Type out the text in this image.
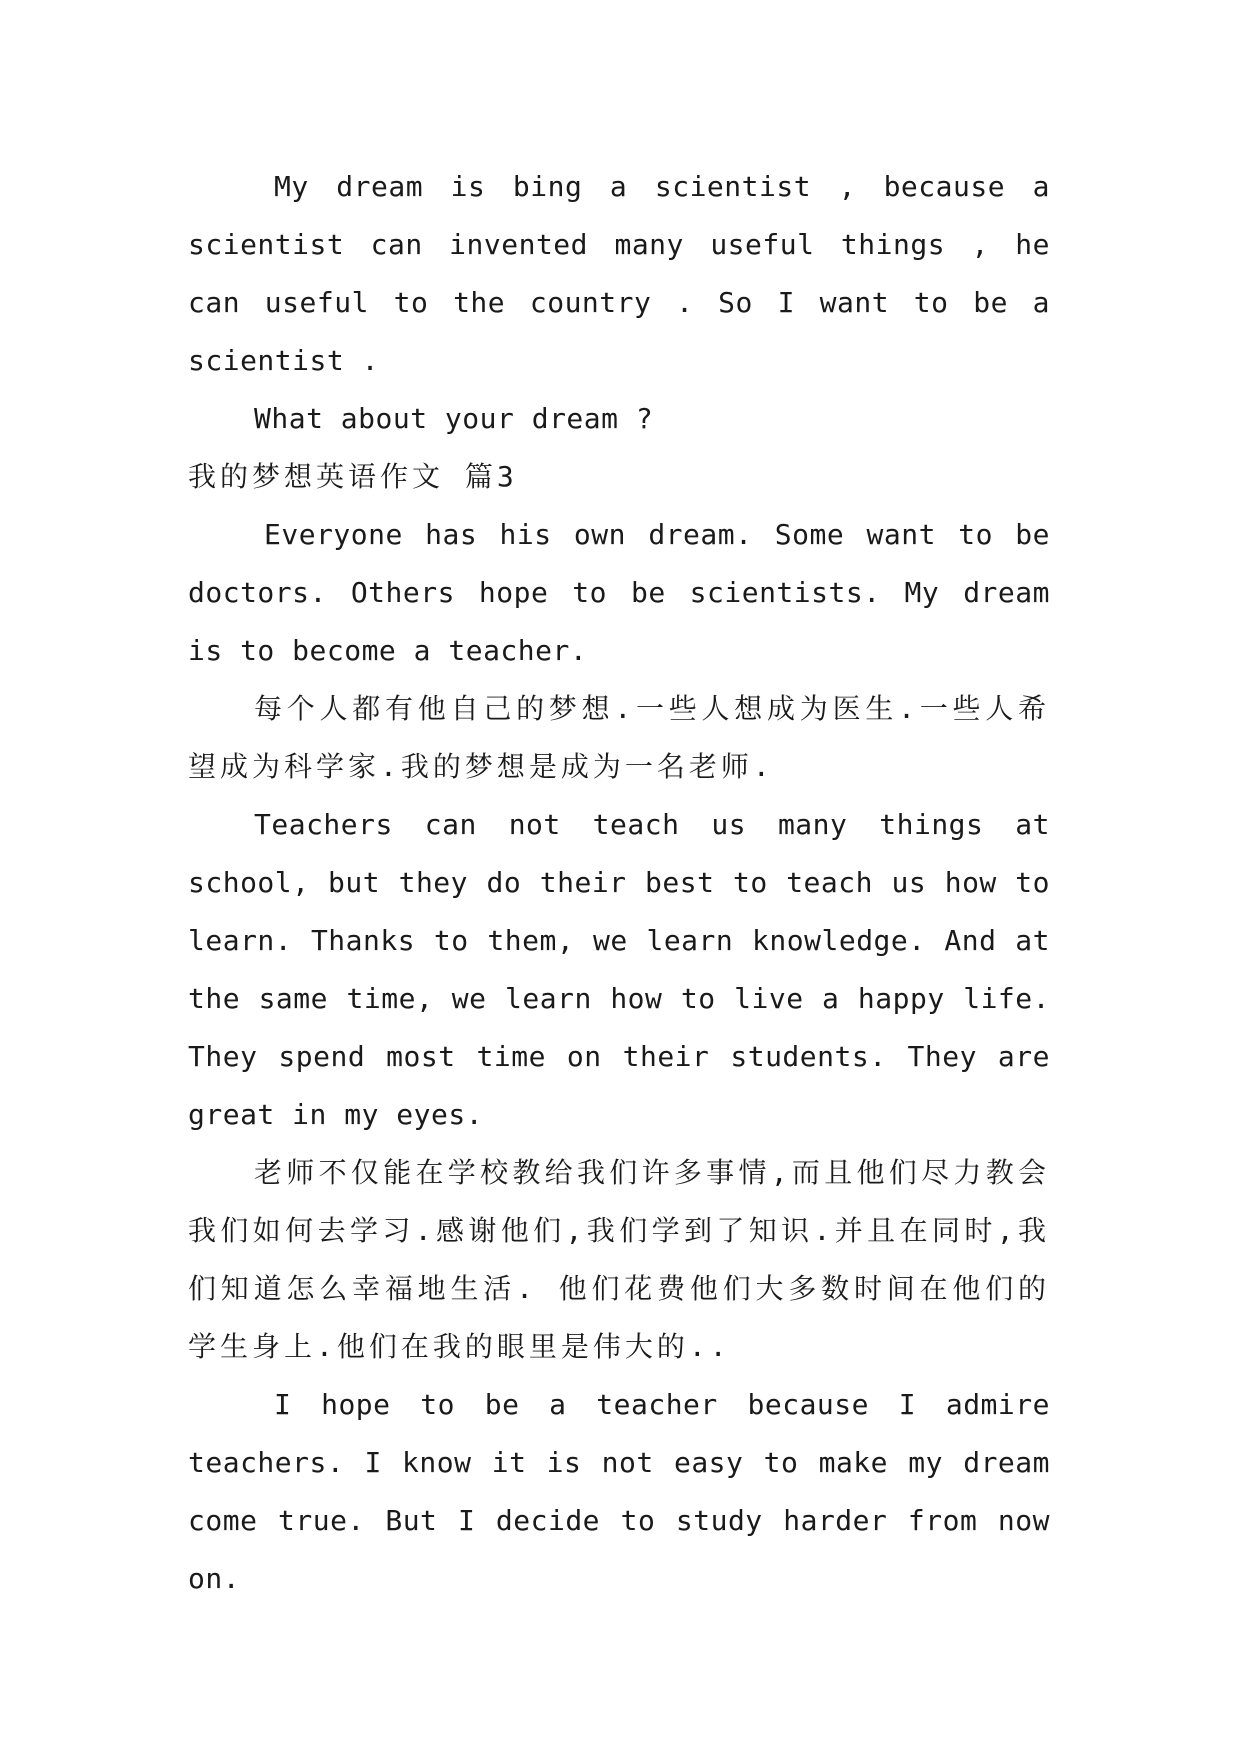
My dream is bing a scientist , because a scientist can invented many useful things , he can useful to the country . So I want to be a scientist .

What about your dream ?

我的梦想英语作文 篇3

Everyone has his own dream. Some want to be doctors. Others hope to be scientists. My dream is to become a teacher.

每个人都有他自己的梦想.一些人想成为医生.一些人希望成为科学家.我的梦想是成为一名老师.

Teachers can not teach us many things at school, but they do their best to teach us how to learn. Thanks to them, we learn knowledge. And at the same time, we learn how to live a happy life. They spend most time on their students. They are great in my eyes.

老师不仅能在学校教给我们许多事情,而且他们尽力教会我们如何去学习.感谢他们,我们学到了知识.并且在同时,我们知道怎么幸福地生活. 他们花费他们大多数时间在他们的学生身上.他们在我的眼里是伟大的..

I hope to be a teacher because I admire teachers. I know it is not easy to make my dream come true. But I decide to study harder from now on.
